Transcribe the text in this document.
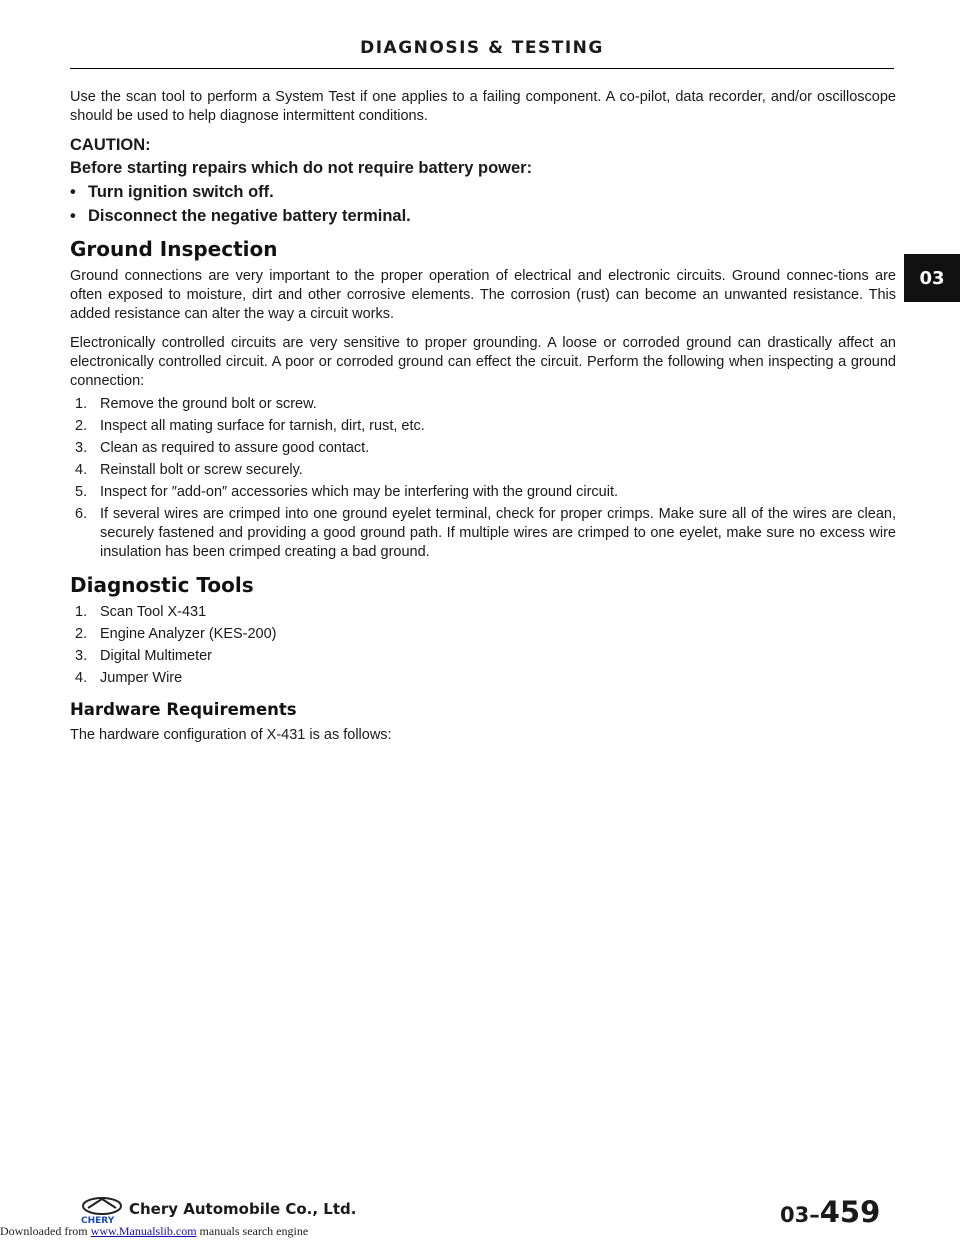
DIAGNOSIS & TESTING

Use the scan tool to perform a System Test if one applies to a failing component. A co-pilot, data recorder, and/or oscilloscope should be used to help diagnose intermittent conditions.

CAUTION:
Before starting repairs which do not require battery power:
• Turn ignition switch off.
• Disconnect the negative battery terminal.
Ground Inspection

Ground connections are very important to the proper operation of electrical and electronic circuits. Ground connec-tions are often exposed to moisture, dirt and other corrosive elements. The corrosion (rust) can become an unwanted resistance. This added resistance can alter the way a circuit works.

Electronically controlled circuits are very sensitive to proper grounding. A loose or corroded ground can drastically affect an electronically controlled circuit. A poor or corroded ground can effect the circuit. Perform the following when inspecting a ground connection:

1. Remove the ground bolt or screw.
2. Inspect all mating surface for tarnish, dirt, rust, etc.
3. Clean as required to assure good contact.
4. Reinstall bolt or screw securely.
5. Inspect for ″add-on″ accessories which may be interfering with the ground circuit.
6. If several wires are crimped into one ground eyelet terminal, check for proper crimps. Make sure all of the wires are clean, securely fastened and providing a good ground path. If multiple wires are crimped to one eyelet, make sure no excess wire insulation has been crimped creating a bad ground.
Diagnostic Tools
1. Scan Tool X-431
2. Engine Analyzer (KES-200)
3. Digital Multimeter
4. Jumper Wire
Hardware Requirements

The hardware configuration of X-431 is as follows:

03
CHERY
Chery Automobile Co., Ltd.	03–459
Downloaded from www.Manualslib.com manuals search engine
